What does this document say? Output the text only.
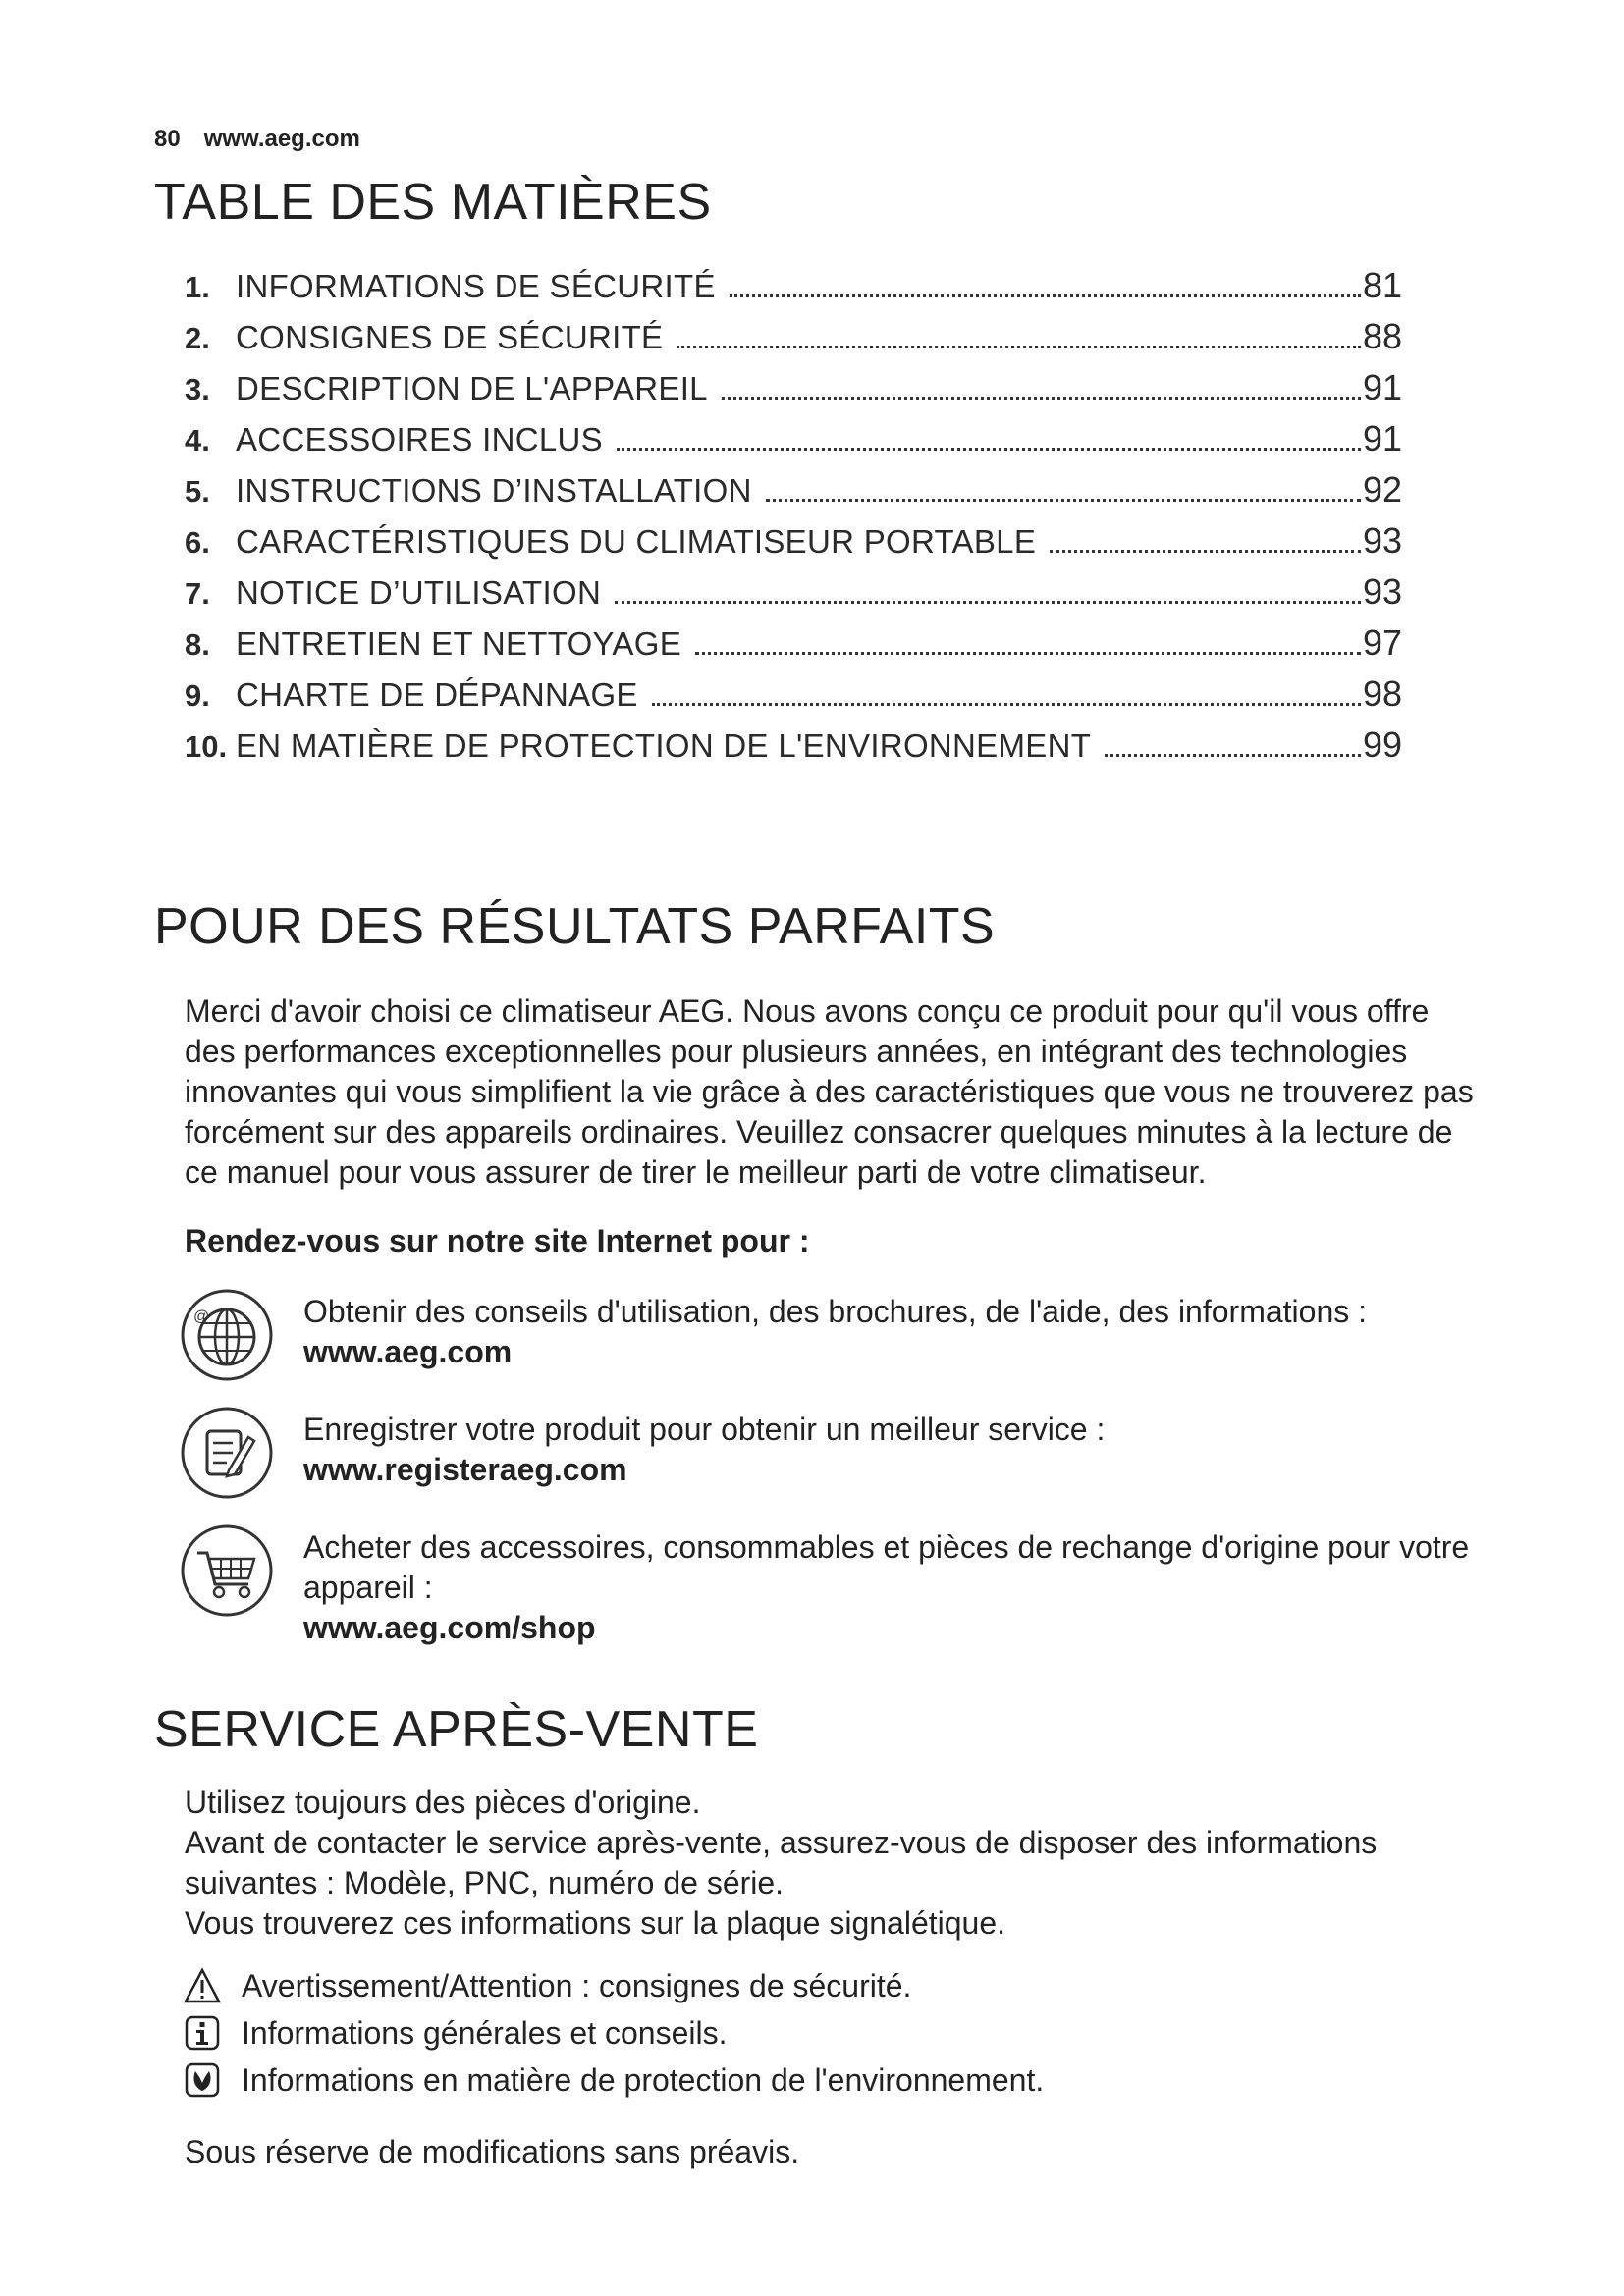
80 www.aeg.com
TABLE DES MATIÈRES
1. INFORMATIONS DE SÉCURITÉ	81
2. CONSIGNES DE SÉCURITÉ	88
3. DESCRIPTION DE L'APPAREIL	91
4. ACCESSOIRES INCLUS	91
5. INSTRUCTIONS D’INSTALLATION	92
6. CARACTÉRISTIQUES DU CLIMATISEUR PORTABLE	93
7. NOTICE D’UTILISATION	93
8. ENTRETIEN ET NETTOYAGE	97
9. CHARTE DE DÉPANNAGE	98
10. EN MATIÈRE DE PROTECTION DE L'ENVIRONNEMENT	99
POUR DES RÉSULTATS PARFAITS

Merci d'avoir choisi ce climatiseur AEG. Nous avons conçu ce produit pour qu'il vous offre des performances exceptionnelles pour plusieurs années, en intégrant des technologies innovantes qui vous simplifient la vie grâce à des caractéristiques que vous ne trouverez pas forcément sur des appareils ordinaires. Veuillez consacrer quelques minutes à la lecture de ce manuel pour vous assurer de tirer le meilleur parti de votre climatiseur.

Rendez-vous sur notre site Internet pour :
@	Obtenir des conseils d'utilisation, des brochures, de l'aide, des informations :
www.aeg.com
Enregistrer votre produit pour obtenir un meilleur service :
www.registeraeg.com
Acheter des accessoires, consommables et pièces de rechange d'origine pour votre appareil :
www.aeg.com/shop
SERVICE APRÈS-VENTE

Utilisez toujours des pièces d'origine.
Avant de contacter le service après-vente, assurez-vous de disposer des informations suivantes : Modèle, PNC, numéro de série.
Vous trouverez ces informations sur la plaque signalétique.

Avertissement/Attention : consignes de sécurité.
Informations générales et conseils.
Informations en matière de protection de l'environnement.
Sous réserve de modifications sans préavis.
